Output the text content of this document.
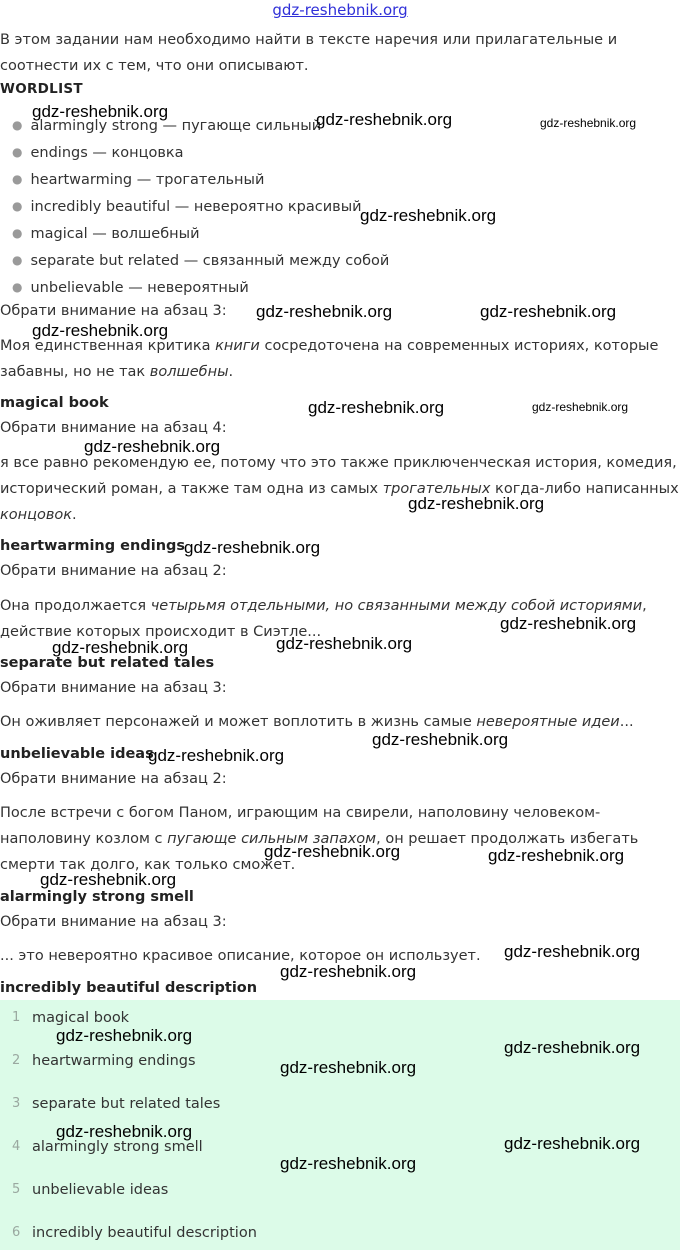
gdz-reshebnik.org
В этом задании нам необходимо найти в тексте наречия или прилагательные и
соотнести их с тем, что они описывают.
WORDLIST
● alarmingly strong — пугающе сильный
● endings — концовка
● heartwarming — трогательный
● incredibly beautiful — невероятно красивый
● magical — волшебный
● separate but related — связанный между собой
● unbelievable — невероятный
Обрати внимание на абзац 3:
Моя единственная критика книги сосредоточена на современных историях, которые
забавны, но не так волшебны.
magical book
Обрати внимание на абзац 4:
я все равно рекомендую ее, потому что это также приключенческая история, комедия,
исторический роман, а также там одна из самых трогательных когда-либо написанных
концовок.
heartwarming endings
Обрати внимание на абзац 2:
Она продолжается четырьмя отдельными, но связанными между собой историями,
действие которых происходит в Сиэтле...
separate but related tales
Обрати внимание на абзац 3:
Он оживляет персонажей и может воплотить в жизнь самые невероятные идеи...
unbelievable ideas
Обрати внимание на абзац 2:
После встречи с богом Паном, играющим на свирели, наполовину человеком-
наполовину козлом с пугающе сильным запахом, он решает продолжать избегать
смерти так долго, как только сможет.
alarmingly strong smell
Обрати внимание на абзац 3:
... это невероятно красивое описание, которое он использует.
incredibly beautiful description
1 magical book
2 heartwarming endings
3 separate but related tales
4 alarmingly strong smell
5 unbelievable ideas
6 incredibly beautiful description
gdz-reshebnik.org	gdz-reshebnik.org	gdz-reshebnik.org
gdz-reshebnik.org
gdz-reshebnik.org	gdz-reshebnik.org
gdz-reshebnik.org
gdz-reshebnik.org	gdz-reshebnik.org
gdz-reshebnik.org
gdz-reshebnik.org
gdz-reshebnik.org
gdz-reshebnik.org
gdz-reshebnik.org	gdz-reshebnik.org
gdz-reshebnik.org
gdz-reshebnik.org
gdz-reshebnik.org	gdz-reshebnik.org
gdz-reshebnik.org
gdz-reshebnik.org
gdz-reshebnik.org
gdz-reshebnik.org
gdz-reshebnik.org
gdz-reshebnik.org
gdz-reshebnik.org
gdz-reshebnik.org
gdz-reshebnik.org
